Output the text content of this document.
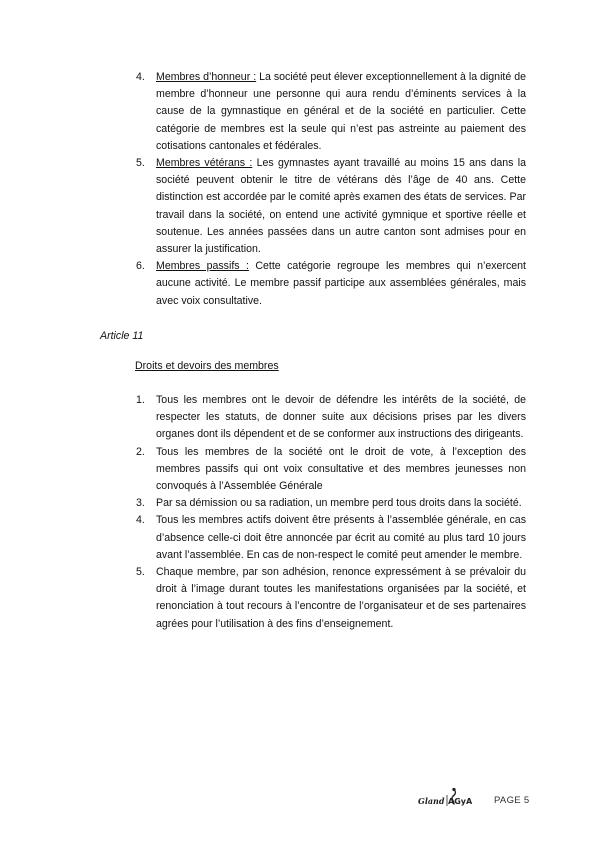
4. Membres d’honneur : La société peut élever exceptionnellement à la dignité de membre d’honneur une personne qui aura rendu d’éminents services à la cause de la gymnastique en général et de la société en particulier. Cette catégorie de membres est la seule qui n’est pas astreinte au paiement des cotisations cantonales et fédérales.
5. Membres vétérans : Les gymnastes ayant travaillé au moins 15 ans dans la société peuvent obtenir le titre de vétérans dès l’âge de 40 ans. Cette distinction est accordée par le comité après examen des états de services. Par travail dans la société, on entend une activité gymnique et sportive réelle et soutenue. Les années passées dans un autre canton sont admises pour en assurer la justification.
6. Membres passifs : Cette catégorie regroupe les membres qui n’exercent aucune activité. Le membre passif participe aux assemblées générales, mais avec voix consultative.
Article 11
Droits et devoirs des membres
1. Tous les membres ont le devoir de défendre les intérêts de la société, de respecter les statuts, de donner suite aux décisions prises par les divers organes dont ils dépendent et de se conformer aux instructions des dirigeants.
2. Tous les membres de la société ont le droit de vote, à l’exception des membres passifs qui ont voix consultative et des membres jeunesses non convoqués à l’Assemblée Générale
3. Par sa démission ou sa radiation, un membre perd tous droits dans la société.
4. Tous les membres actifs doivent être présents à l’assemblée générale, en cas d’absence celle-ci doit être annoncée par écrit au comité au plus tard 10 jours avant l’assemblée. En cas de non-respect le comité peut amender le membre.
5. Chaque membre, par son adhésion, renonce expressément à se prévaloir du droit à l’image durant toutes les manifestations organisées par la société, et renonciation à tout recours à l’encontre de l’organisateur et de ses partenaires agrées pour l’utilisation à des fins d’enseignement.
Gland AGyA PAGE 5
